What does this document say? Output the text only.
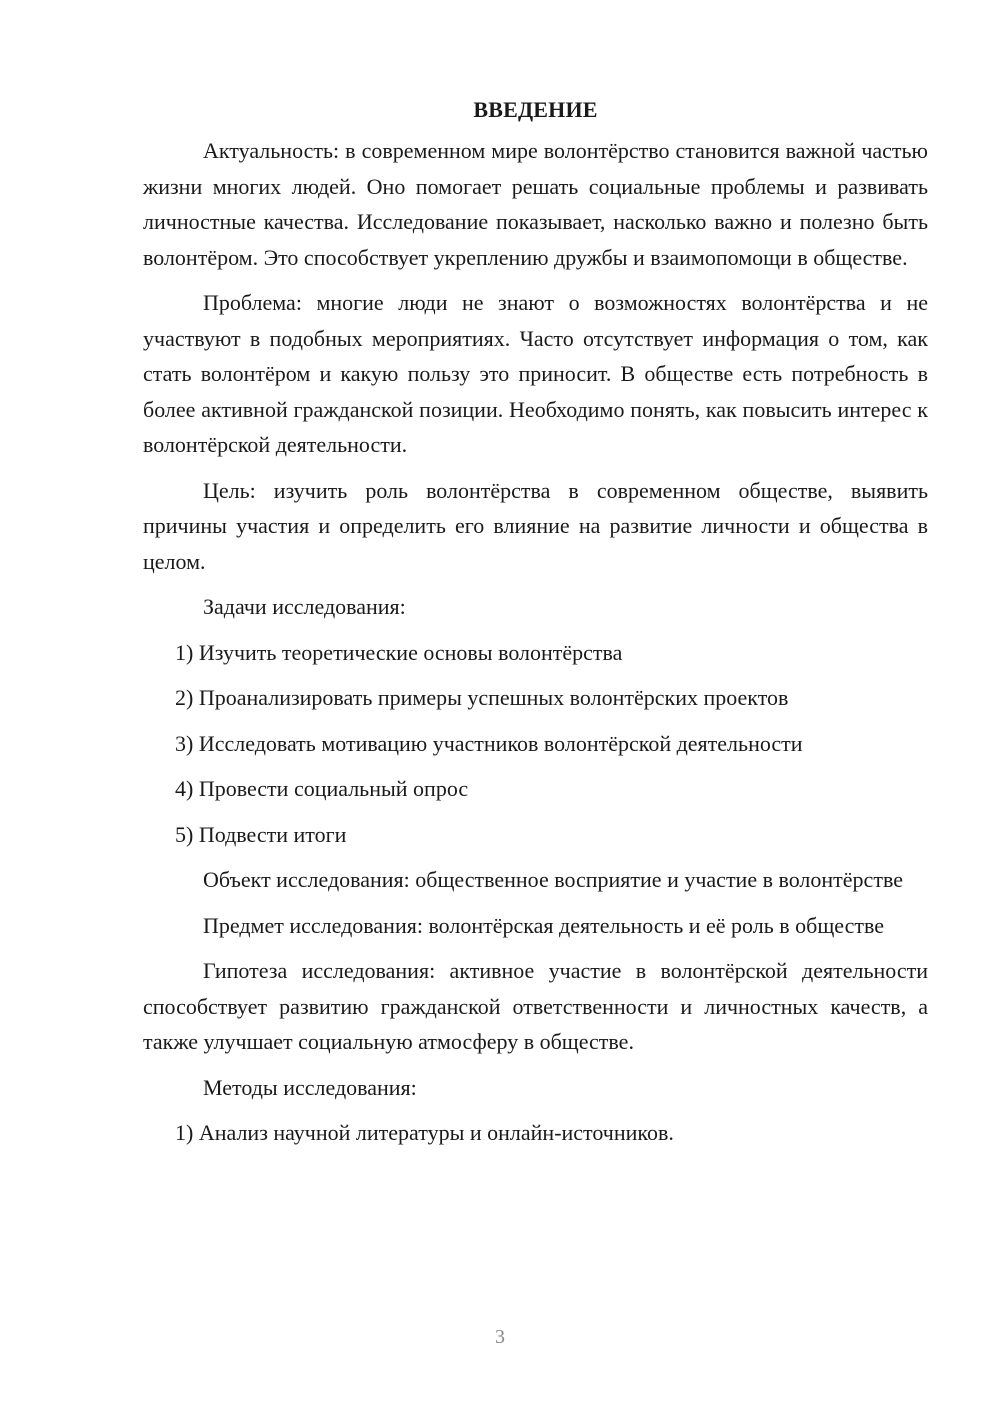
ВВЕДЕНИЕ

Актуальность: в современном мире волонтёрство становится важной частью жизни многих людей. Оно помогает решать социальные проблемы и развивать личностные качества. Исследование показывает, насколько важно и полезно быть волонтёром. Это способствует укреплению дружбы и взаимопомощи в обществе.

Проблема: многие люди не знают о возможностях волонтёрства и не участвуют в подобных мероприятиях. Часто отсутствует информация о том, как стать волонтёром и какую пользу это приносит. В обществе есть потребность в более активной гражданской позиции. Необходимо понять, как повысить интерес к волонтёрской деятельности.

Цель: изучить роль волонтёрства в современном обществе, выявить причины участия и определить его влияние на развитие личности и общества в целом.

Задачи исследования:

1) Изучить теоретические основы волонтёрства
2) Проанализировать примеры успешных волонтёрских проектов
3) Исследовать мотивацию участников волонтёрской деятельности
4) Провести социальный опрос
5) Подвести итоги

Объект исследования: общественное восприятие и участие в волонтёрстве

Предмет исследования: волонтёрская деятельность и её роль в обществе

Гипотеза исследования: активное участие в волонтёрской деятельности способствует развитию гражданской ответственности и личностных качеств, а также улучшает социальную атмосферу в обществе.

Методы исследования:

1) Анализ научной литературы и онлайн-источников.
3
